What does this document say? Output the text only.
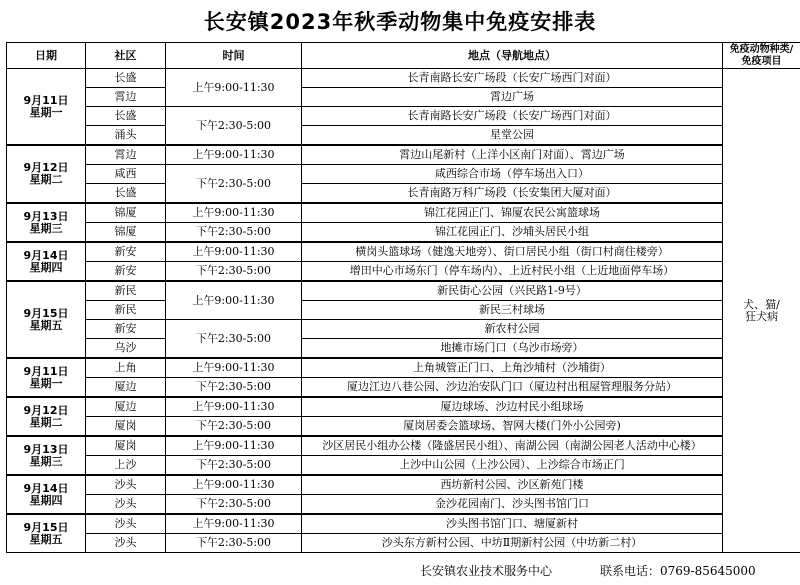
长安镇2023年秋季动物集中免疫安排表
日期	社区	时间	地点（导航地点）	免疫动物种类/
免疫项目

9月11日
星期一	长盛	上午9:00-11:30	长青南路长安广场段（长安广场西门对面）	犬、猫/
狂犬病

	霄边		霄边广场	
	长盛	下午2:30-5:00	长青南路长安广场段（长安广场西门对面）	
	涌头		星堂公园	

9月12日
星期二	霄边	上午9:00-11:30	霄边山尾新村（上洋小区南门对面）、霄边广场	
	咸西	下午2:30-5:00	咸西综合市场（停车场出入口）	
	长盛		长青南路万科广场段（长安集团大厦对面）	

9月13日
星期三	锦厦	上午9:00-11:30	锦江花园正门、锦厦农民公寓篮球场	
	锦厦	下午2:30-5:00	锦江花园正门、沙埔头居民小组	

9月14日
星期四	新安	上午9:00-11:30	横岗头篮球场（健逸天地旁）、街口居民小组（街口村商住楼旁）	
	新安	下午2:30-5:00	增田中心市场东门（停车场内）、上近村民小组（上近地面停车场）	

9月15日
星期五	新民	上午9:00-11:30	新民街心公园（兴民路1-9号）	
	新民		新民三村球场	
	新安	下午2:30-5:00	新农村公园	
	乌沙		地摊市场门口（乌沙市场旁）	

9月11日
星期一	上角	上午9:00-11:30	上角城管正门口、上角沙埔村（沙埔街）	
	厦边	下午2:30-5:00	厦边江边八巷公园、沙边治安队门口（厦边村出租屋管理服务分站）	

9月12日
星期二	厦边	上午9:00-11:30	厦边球场、沙边村民小组球场	
	厦岗	下午2:30-5:00	厦岗居委会篮球场、智网大楼(门外小公园旁)	

9月13日
星期三	厦岗	上午9:00-11:30	沙区居民小组办公楼（隆盛居民小组）、南湖公园（南湖公园老人活动中心楼）	
	上沙	下午2:30-5:00	上沙中山公园（上沙公园）、上沙综合市场正门	

9月14日
星期四	沙头	上午9:00-11:30	西坊新村公园、沙区新苑门楼	
	沙头	下午2:30-5:00	金沙花园南门、沙头图书馆门口	

9月15日
星期五	沙头	上午9:00-11:30	沙头图书馆门口、塘厦新村	
	沙头	下午2:30-5:00	沙头东方新村公园、中坊Ⅱ期新村公园（中坊新二村）	
长安镇农业技术服务中心	联系电话：0769-85645000
